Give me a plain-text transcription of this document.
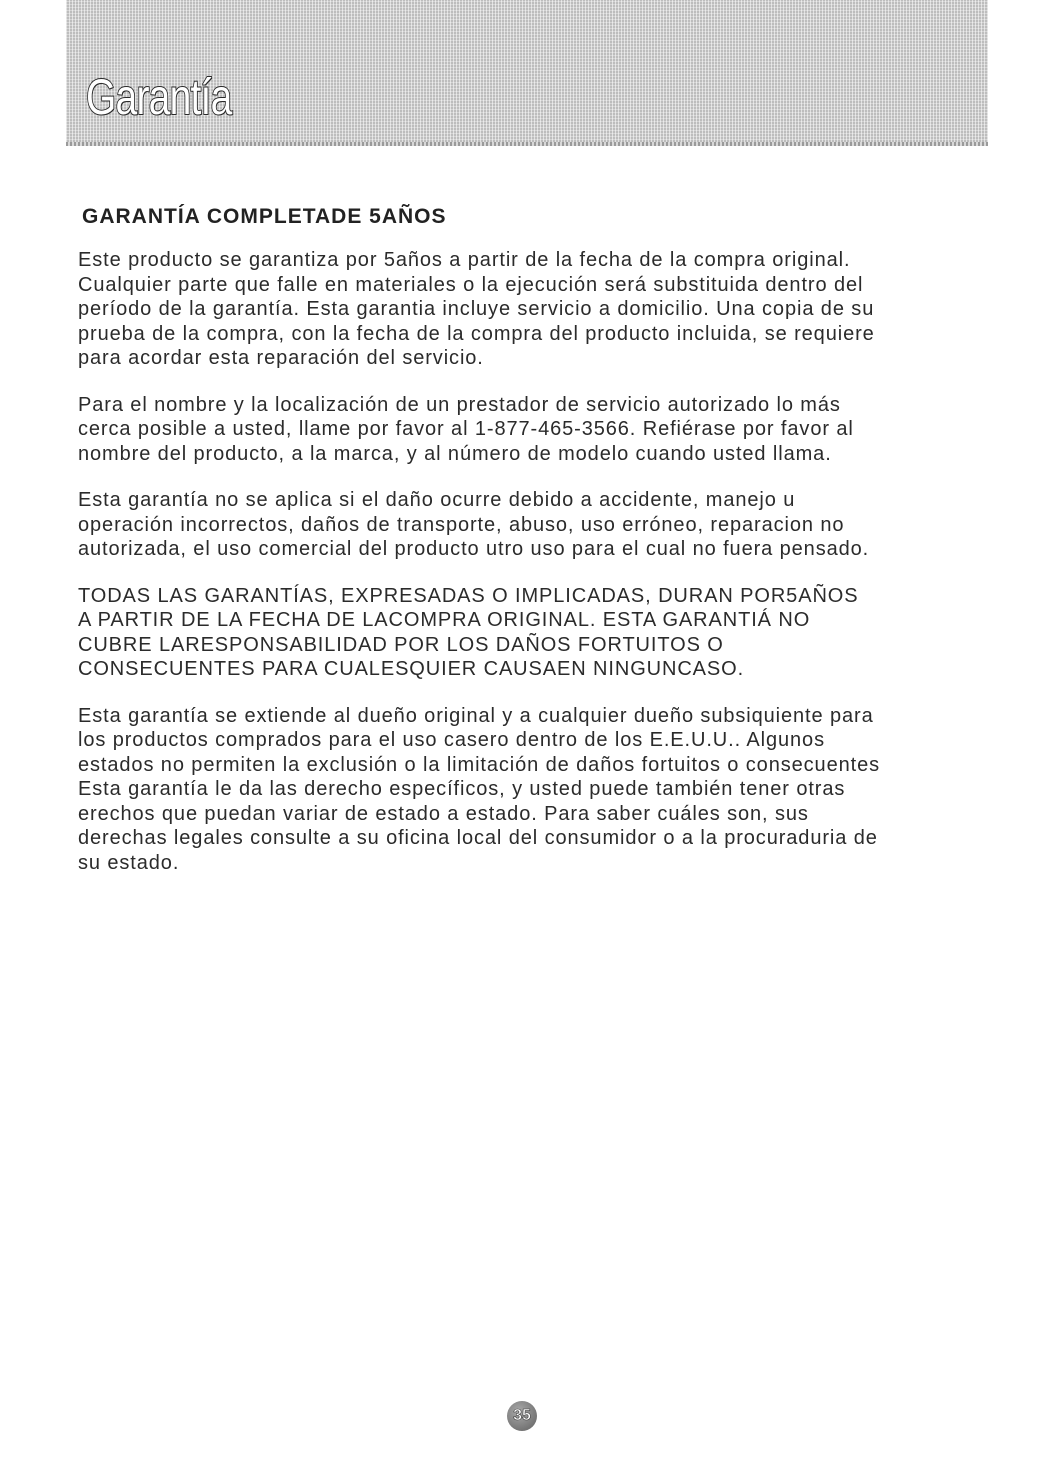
Garantía
GARANTÍA COMPLETADE 5AÑOS

Este producto se garantiza por 5años a partir de la fecha de la compra original.
Cualquier parte que falle en materiales o la ejecución será substituida dentro del
período de la garantía. Esta garantia incluye servicio a domicilio. Una copia de su
prueba de la compra, con la fecha de la compra del producto incluida, se requiere
para acordar esta reparación del servicio.

Para el nombre y la localización de un prestador de servicio autorizado lo más
cerca posible a usted, llame por favor al 1-877-465-3566. Refiérase por favor al
nombre del producto, a la marca, y al número de modelo cuando usted llama.

Esta garantía no se aplica si el daño ocurre debido a accidente, manejo u
operación incorrectos, daños de transporte, abuso, uso erróneo, reparacion no
autorizada, el uso comercial del producto utro uso para el cual no fuera pensado.

TODAS LAS GARANTÍAS, EXPRESADAS O IMPLICADAS, DURAN POR5AÑOS
A PARTIR DE LA FECHA DE LACOMPRA ORIGINAL. ESTA GARANTIÁ NO
CUBRE LARESPONSABILIDAD POR LOS DAÑOS FORTUITOS O
CONSECUENTES PARA CUALESQUIER CAUSAEN NINGUNCASO.

Esta garantía se extiende al dueño original y a cualquier dueño subsiquiente para
los productos comprados para el uso casero dentro de los E.E.U.U.. Algunos
estados no permiten la exclusión o la limitación de daños fortuitos o consecuentes
Esta garantía le da las derecho específicos, y usted puede también tener otras
erechos que puedan variar de estado a estado. Para saber cuáles son, sus
derechas legales consulte a su oficina local del consumidor o a la procuraduria de
su estado.

35
